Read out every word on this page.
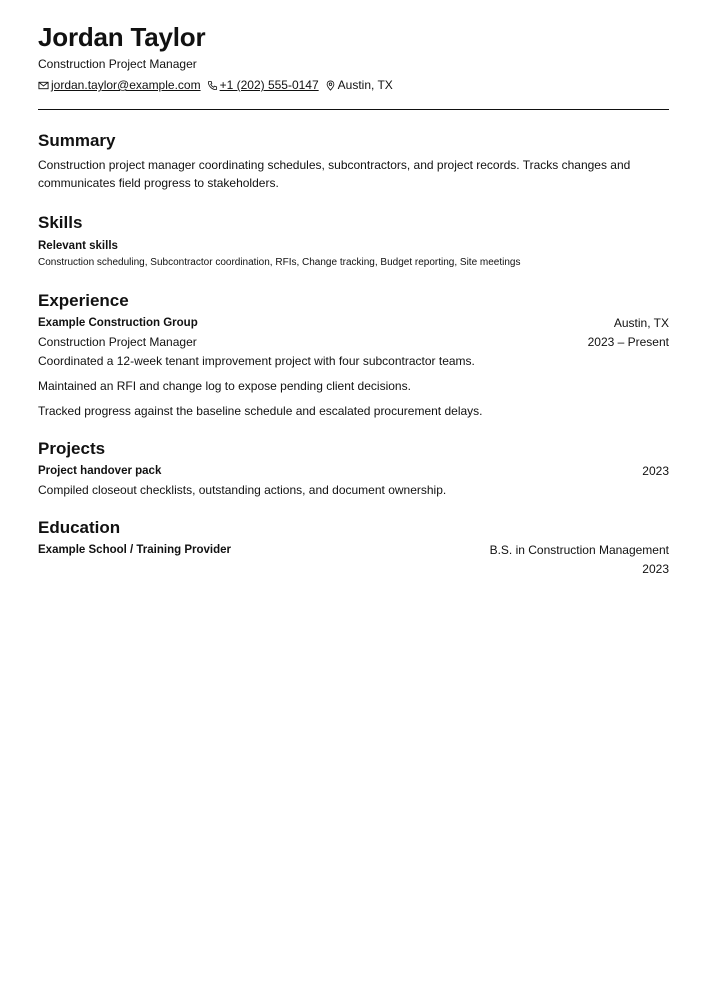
Jordan Taylor
Construction Project Manager
jordan.taylor@example.com +1 (202) 555-0147 Austin, TX
Summary
Construction project manager coordinating schedules, subcontractors, and project records. Tracks changes and communicates field progress to stakeholders.
Skills
Relevant skills
Construction scheduling, Subcontractor coordination, RFIs, Change tracking, Budget reporting, Site meetings
Experience
Example Construction Group	Austin, TX
Construction Project Manager	2023 – Present
Coordinated a 12-week tenant improvement project with four subcontractor teams.
Maintained an RFI and change log to expose pending client decisions.
Tracked progress against the baseline schedule and escalated procurement delays.
Projects
Project handover pack	2023
Compiled closeout checklists, outstanding actions, and document ownership.
Education
Example School / Training Provider	B.S. in Construction Management
2023
